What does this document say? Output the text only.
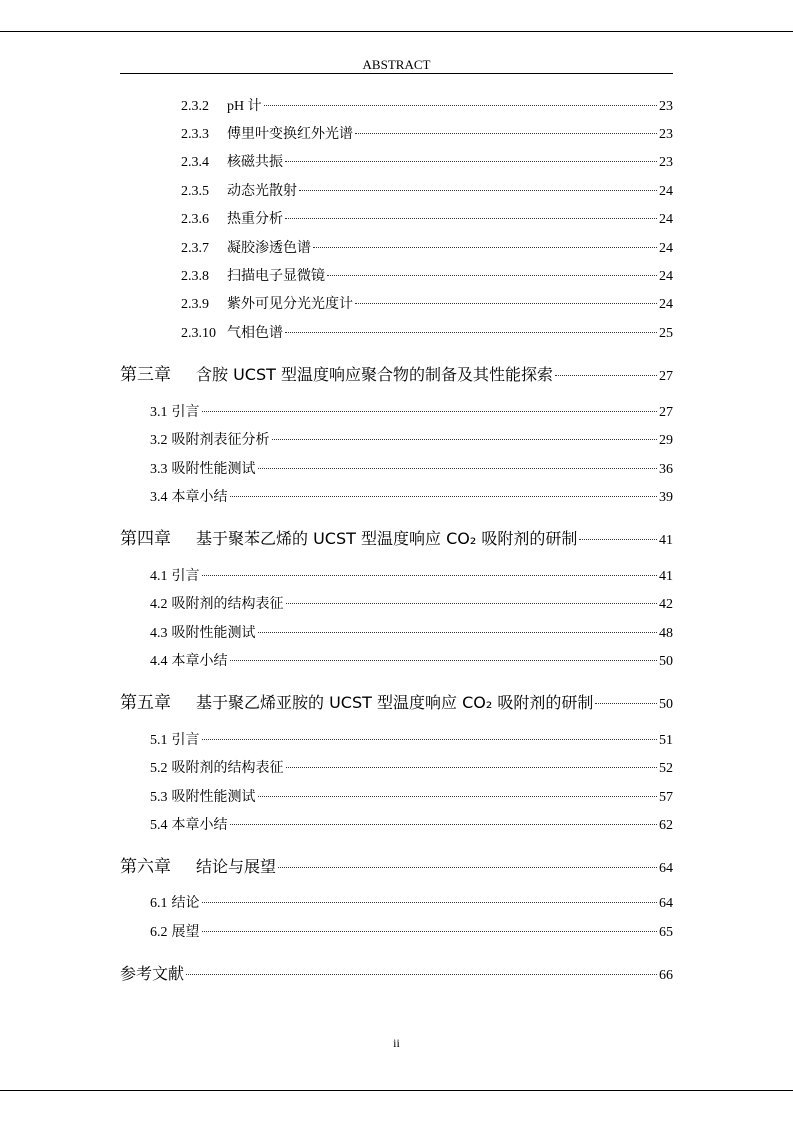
ABSTRACT
2.3.2	pH 计	23
2.3.3	傅里叶变换红外光谱	23
2.3.4	核磁共振	23
2.3.5	动态光散射	24
2.3.6	热重分析	24
2.3.7	凝胶渗透色谱	24
2.3.8	扫描电子显微镜	24
2.3.9	紫外可见分光光度计	24
2.3.10 气相色谱	25
第三章	含胺 UCST 型温度响应聚合物的制备及其性能探索	27
3.1 引言	27
3.2 吸附剂表征分析	29
3.3 吸附性能测试	36
3.4 本章小结	39
第四章	基于聚苯乙烯的 UCST 型温度响应 CO₂ 吸附剂的研制	41
4.1 引言	41
4.2 吸附剂的结构表征	42
4.3 吸附性能测试	48
4.4 本章小结	50
第五章	基于聚乙烯亚胺的 UCST 型温度响应 CO₂ 吸附剂的研制	50
5.1 引言	51
5.2 吸附剂的结构表征	52
5.3 吸附性能测试	57
5.4 本章小结	62
第六章	结论与展望	64
6.1 结论	64
6.2 展望	65
参考文献	66
ii
